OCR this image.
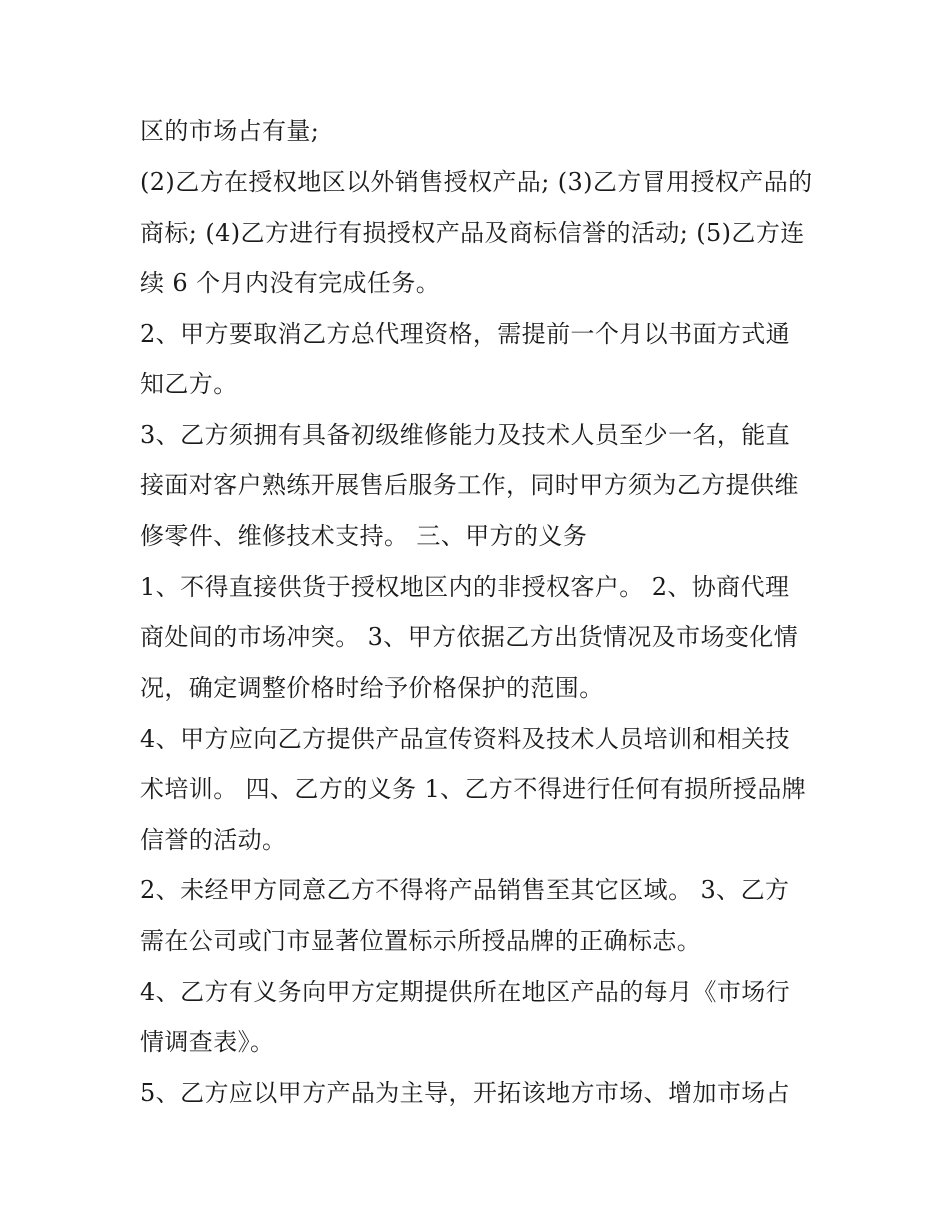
区的市场占有量;
(2)乙方在授权地区以外销售授权产品; (3)乙方冒用授权产品的
商标; (4)乙方进行有损授权产品及商标信誉的活动; (5)乙方连
续 6 个月内没有完成任务。
2、甲方要取消乙方总代理资格，需提前一个月以书面方式通
知乙方。
3、乙方须拥有具备初级维修能力及技术人员至少一名，能直
接面对客户熟练开展售后服务工作，同时甲方须为乙方提供维
修零件、维修技术支持。 三、甲方的义务
1、不得直接供货于授权地区内的非授权客户。 2、协商代理
商处间的市场冲突。 3、甲方依据乙方出货情况及市场变化情
况，确定调整价格时给予价格保护的范围。
4、甲方应向乙方提供产品宣传资料及技术人员培训和相关技
术培训。 四、乙方的义务 1、乙方不得进行任何有损所授品牌
信誉的活动。
2、未经甲方同意乙方不得将产品销售至其它区域。 3、乙方
需在公司或门市显著位置标示所授品牌的正确标志。
4、乙方有义务向甲方定期提供所在地区产品的每月《市场行
情调查表》。
5、乙方应以甲方产品为主导，开拓该地方市场、增加市场占
